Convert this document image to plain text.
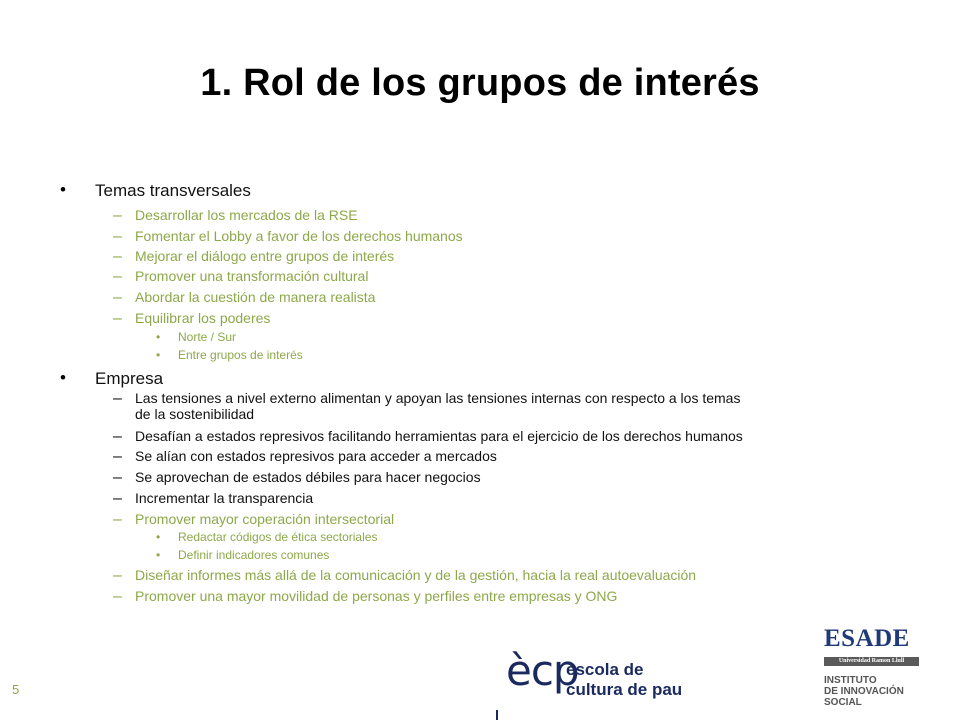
1. Rol de los grupos de interés
• Temas transversales
– Desarrollar los mercados de la RSE
– Fomentar el Lobby a favor de los derechos humanos
– Mejorar el diálogo entre grupos de interés
– Promover una transformación cultural
– Abordar la cuestión de manera realista
– Equilibrar los poderes
• Norte / Sur
• Entre grupos de interés
• Empresa
– Las tensiones a nivel externo alimentan y apoyan las tensiones internas con respecto a los temas
de la sostenibilidad
– Desafían a estados represivos facilitando herramientas para el ejercicio de los derechos humanos
– Se alían con estados represivos para acceder a mercados
– Se aprovechan de estados débiles para hacer negocios
– Incrementar la transparencia
– Promover mayor coperación intersectorial
• Redactar códigos de ética sectoriales
• Definir indicadores comunes
– Diseñar informes más allá de la comunicación y de la gestión, hacia la real autoevaluación
– Promover una mayor movilidad de personas y perfiles entre empresas y ONG
5	ècp
escola de
cultura de pau
ESADE
Universidad Ramon Llull
INSTITUTO
DE INNOVACIÓN
SOCIAL
